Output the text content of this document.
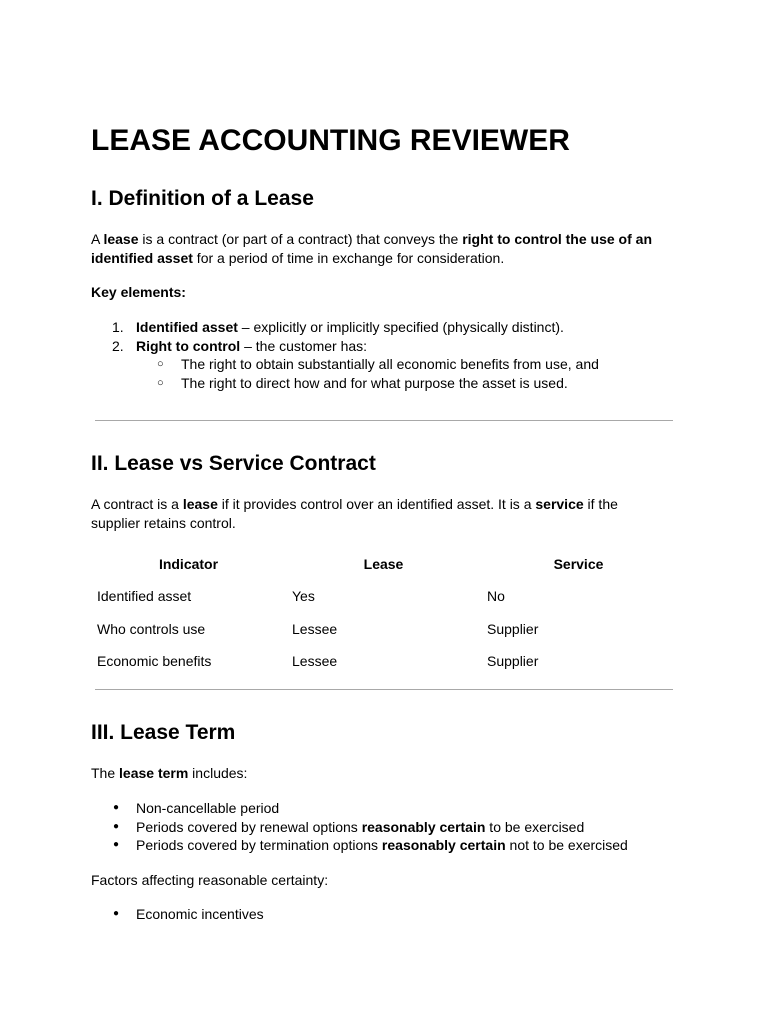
LEASE ACCOUNTING REVIEWER
I. Definition of a Lease

A lease is a contract (or part of a contract) that conveys the right to control the use of an identified asset for a period of time in exchange for consideration.

Key elements:

1. Identified asset – explicitly or implicitly specified (physically distinct).
2. Right to control – the customer has:
○ The right to obtain substantially all economic benefits from use, and
○ The right to direct how and for what purpose the asset is used.
II. Lease vs Service Contract

A contract is a lease if it provides control over an identified asset. It is a service if the supplier retains control.

Indicator	Lease	Service
Identified asset	Yes	No
Who controls use	Lessee	Supplier
Economic benefits	Lessee	Supplier
III. Lease Term

The lease term includes:

● Non-cancellable period
● Periods covered by renewal options reasonably certain to be exercised
● Periods covered by termination options reasonably certain not to be exercised

Factors affecting reasonable certainty:

● Economic incentives
